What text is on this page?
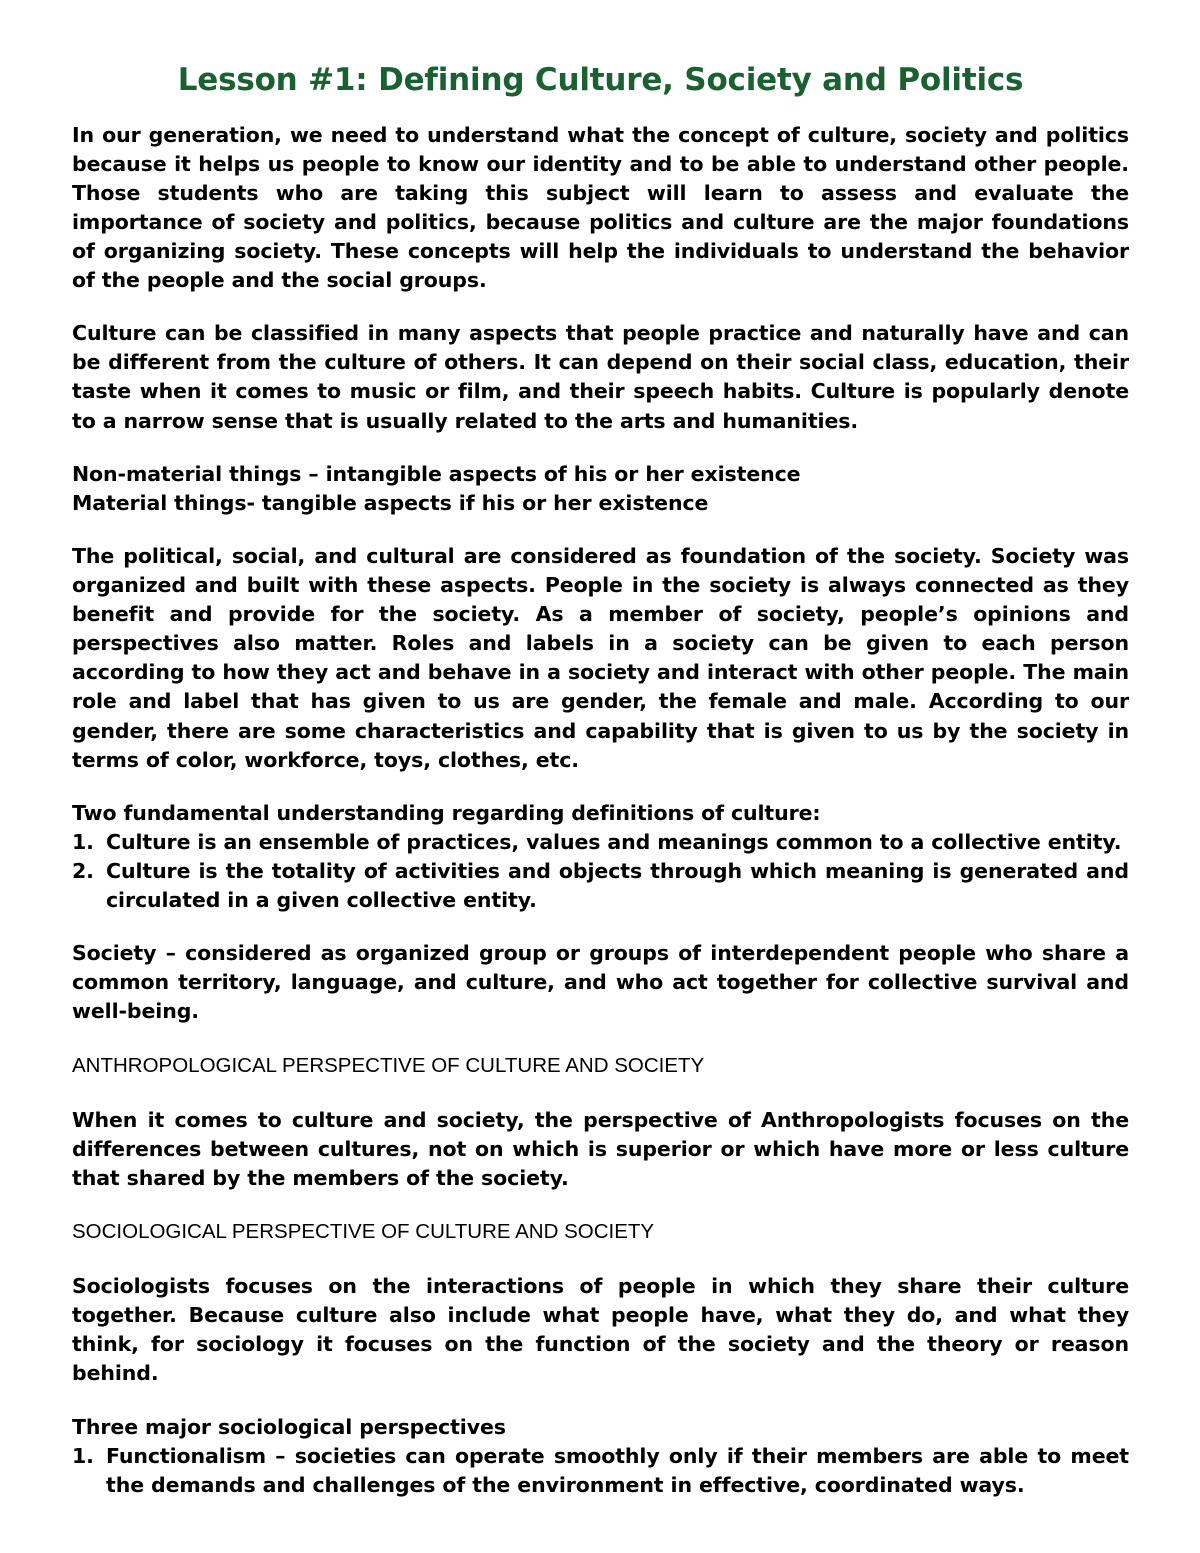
Lesson #1: Defining Culture, Society and Politics

In our generation, we need to understand what the concept of culture, society and politics because it helps us people to know our identity and to be able to understand other people. Those students who are taking this subject will learn to assess and evaluate the importance of society and politics, because politics and culture are the major foundations of organizing society. These concepts will help the individuals to understand the behavior of the people and the social groups.

Culture can be classified in many aspects that people practice and naturally have and can be different from the culture of others. It can depend on their social class, education, their taste when it comes to music or film, and their speech habits. Culture is popularly denote to a narrow sense that is usually related to the arts and humanities.

Non-material things – intangible aspects of his or her existence

Material things- tangible aspects if his or her existence

The political, social, and cultural are considered as foundation of the society. Society was organized and built with these aspects. People in the society is always connected as they benefit and provide for the society. As a member of society, people’s opinions and perspectives also matter. Roles and labels in a society can be given to each person according to how they act and behave in a society and interact with other people. The main role and label that has given to us are gender, the female and male. According to our gender, there are some characteristics and capability that is given to us by the society in terms of color, workforce, toys, clothes, etc.

Two fundamental understanding regarding definitions of culture:

1. Culture is an ensemble of practices, values and meanings common to a collective entity.
2. Culture is the totality of activities and objects through which meaning is generated and circulated in a given collective entity.

Society – considered as organized group or groups of interdependent people who share a common territory, language, and culture, and who act together for collective survival and well-being.

ANTHROPOLOGICAL PERSPECTIVE OF CULTURE AND SOCIETY

When it comes to culture and society, the perspective of Anthropologists focuses on the differences between cultures, not on which is superior or which have more or less culture that shared by the members of the society.

SOCIOLOGICAL PERSPECTIVE OF CULTURE AND SOCIETY

Sociologists focuses on the interactions of people in which they share their culture together. Because culture also include what people have, what they do, and what they think, for sociology it focuses on the function of the society and the theory or reason behind.

Three major sociological perspectives

1. Functionalism – societies can operate smoothly only if their members are able to meet the demands and challenges of the environment in effective, coordinated ways.
